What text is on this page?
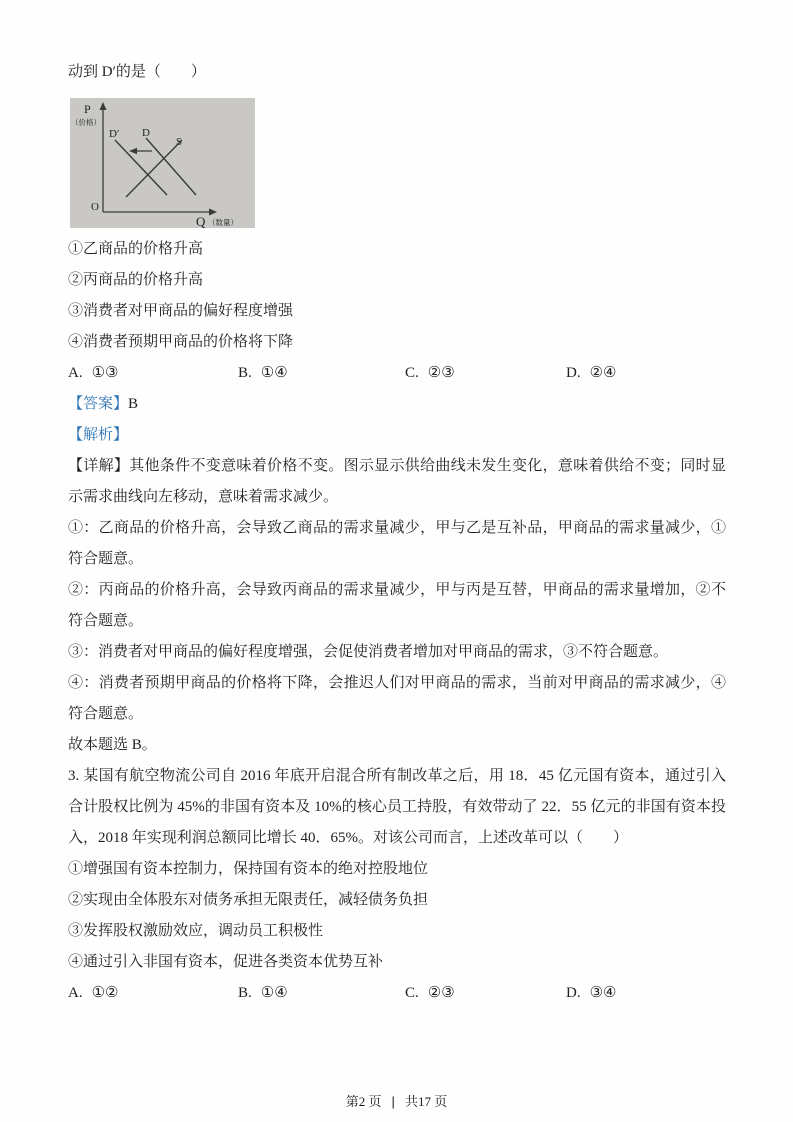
动到 D′的是（　　）

P
（价格）
O
Q （数量）
D′ D
S

①乙商品的价格升高

②丙商品的价格升高

③消费者对甲商品的偏好程度增强

④消费者预期甲商品的价格将下降

A. ①③	B. ①④	C. ②③	D. ②④

【答案】B

【解析】

【详解】其他条件不变意味着价格不变。图示显示供给曲线未发生变化，意味着供给不变；同时显示需求曲线向左移动，意味着需求减少。

①：乙商品的价格升高，会导致乙商品的需求量减少，甲与乙是互补品，甲商品的需求量减少，①符合题意。

②：丙商品的价格升高，会导致丙商品的需求量减少，甲与丙是互替，甲商品的需求量增加，②不符合题意。

③：消费者对甲商品的偏好程度增强，会促使消费者增加对甲商品的需求，③不符合题意。

④：消费者预期甲商品的价格将下降，会推迟人们对甲商品的需求，当前对甲商品的需求减少，④符合题意。

故本题选 B。

3. 某国有航空物流公司自 2016 年底开启混合所有制改革之后，用 18．45 亿元国有资本，通过引入合计股权比例为 45%的非国有资本及 10%的核心员工持股，有效带动了 22．55 亿元的非国有资本投入，2018 年实现利润总额同比增长 40．65%。对该公司而言，上述改革可以（　　）

①增强国有资本控制力，保持国有资本的绝对控股地位

②实现由全体股东对债务承担无限责任，减轻债务负担

③发挥股权激励效应，调动员工积极性

④通过引入非国有资本，促进各类资本优势互补

A. ①②	B. ①④	C. ②③	D. ③④
第2 页 | 共17 页
